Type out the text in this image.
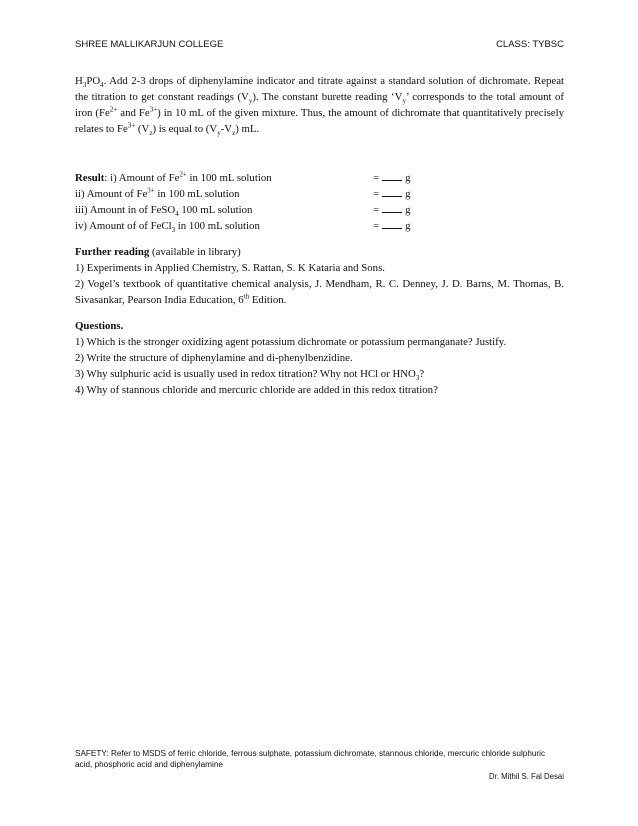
SHREE MALLIKARJUN COLLEGE	CLASS: TYBSC
$H_3PO_4$. Add 2-3 drops of diphenylamine indicator and titrate against a standard solution of dichromate. Repeat the titration to get constant readings $(V_y)$. The constant burette reading ‘$V_y$’ corresponds to the total amount of iron ($Fe^{2+}$ and $Fe^{3+}$) in 10 mL of the given mixture. Thus, the amount of dichromate that quantitatively precisely relates to $Fe^{3+}$ $(V_z)$ is equal to $(V_y-V_z)$ mL.
Result: i) Amount of $Fe^{2+}$ in 100 mL solution	= g
ii) Amount of $Fe^{3+}$ in 100 mL solution	= g
iii) Amount in of FeSO$_4$ 100 mL solution	= g
iv) Amount of of FeCl$_3$ in 100 mL solution	= g
Further reading (available in library)
1) Experiments in Applied Chemistry, S. Rattan, S. K Kataria and Sons.
2) Vogel’s textbook of quantitative chemical analysis, J. Mendham, R. C. Denney, J. D. Barns, M. Thomas, B. Sivasankar, Pearson India Education, 6th Edition.
Questions.
1) Which is the stronger oxidizing agent potassium dichromate or potassium permanganate? Justify.
2) Write the structure of diphenylamine and di-phenylbenzidine.
3) Why sulphuric acid is usually used in redox titration? Why not HCl or $HNO_3$?
4) Why of stannous chloride and mercuric chloride are added in this redox titration?
SAFETY: Refer to MSDS of ferric chloride, ferrous sulphate, potassium dichromate, stannous chloride, mercuric chloride sulphuric acid, phosphoric acid and diphenylamine
Dr. Mithil S. Fal Desai
